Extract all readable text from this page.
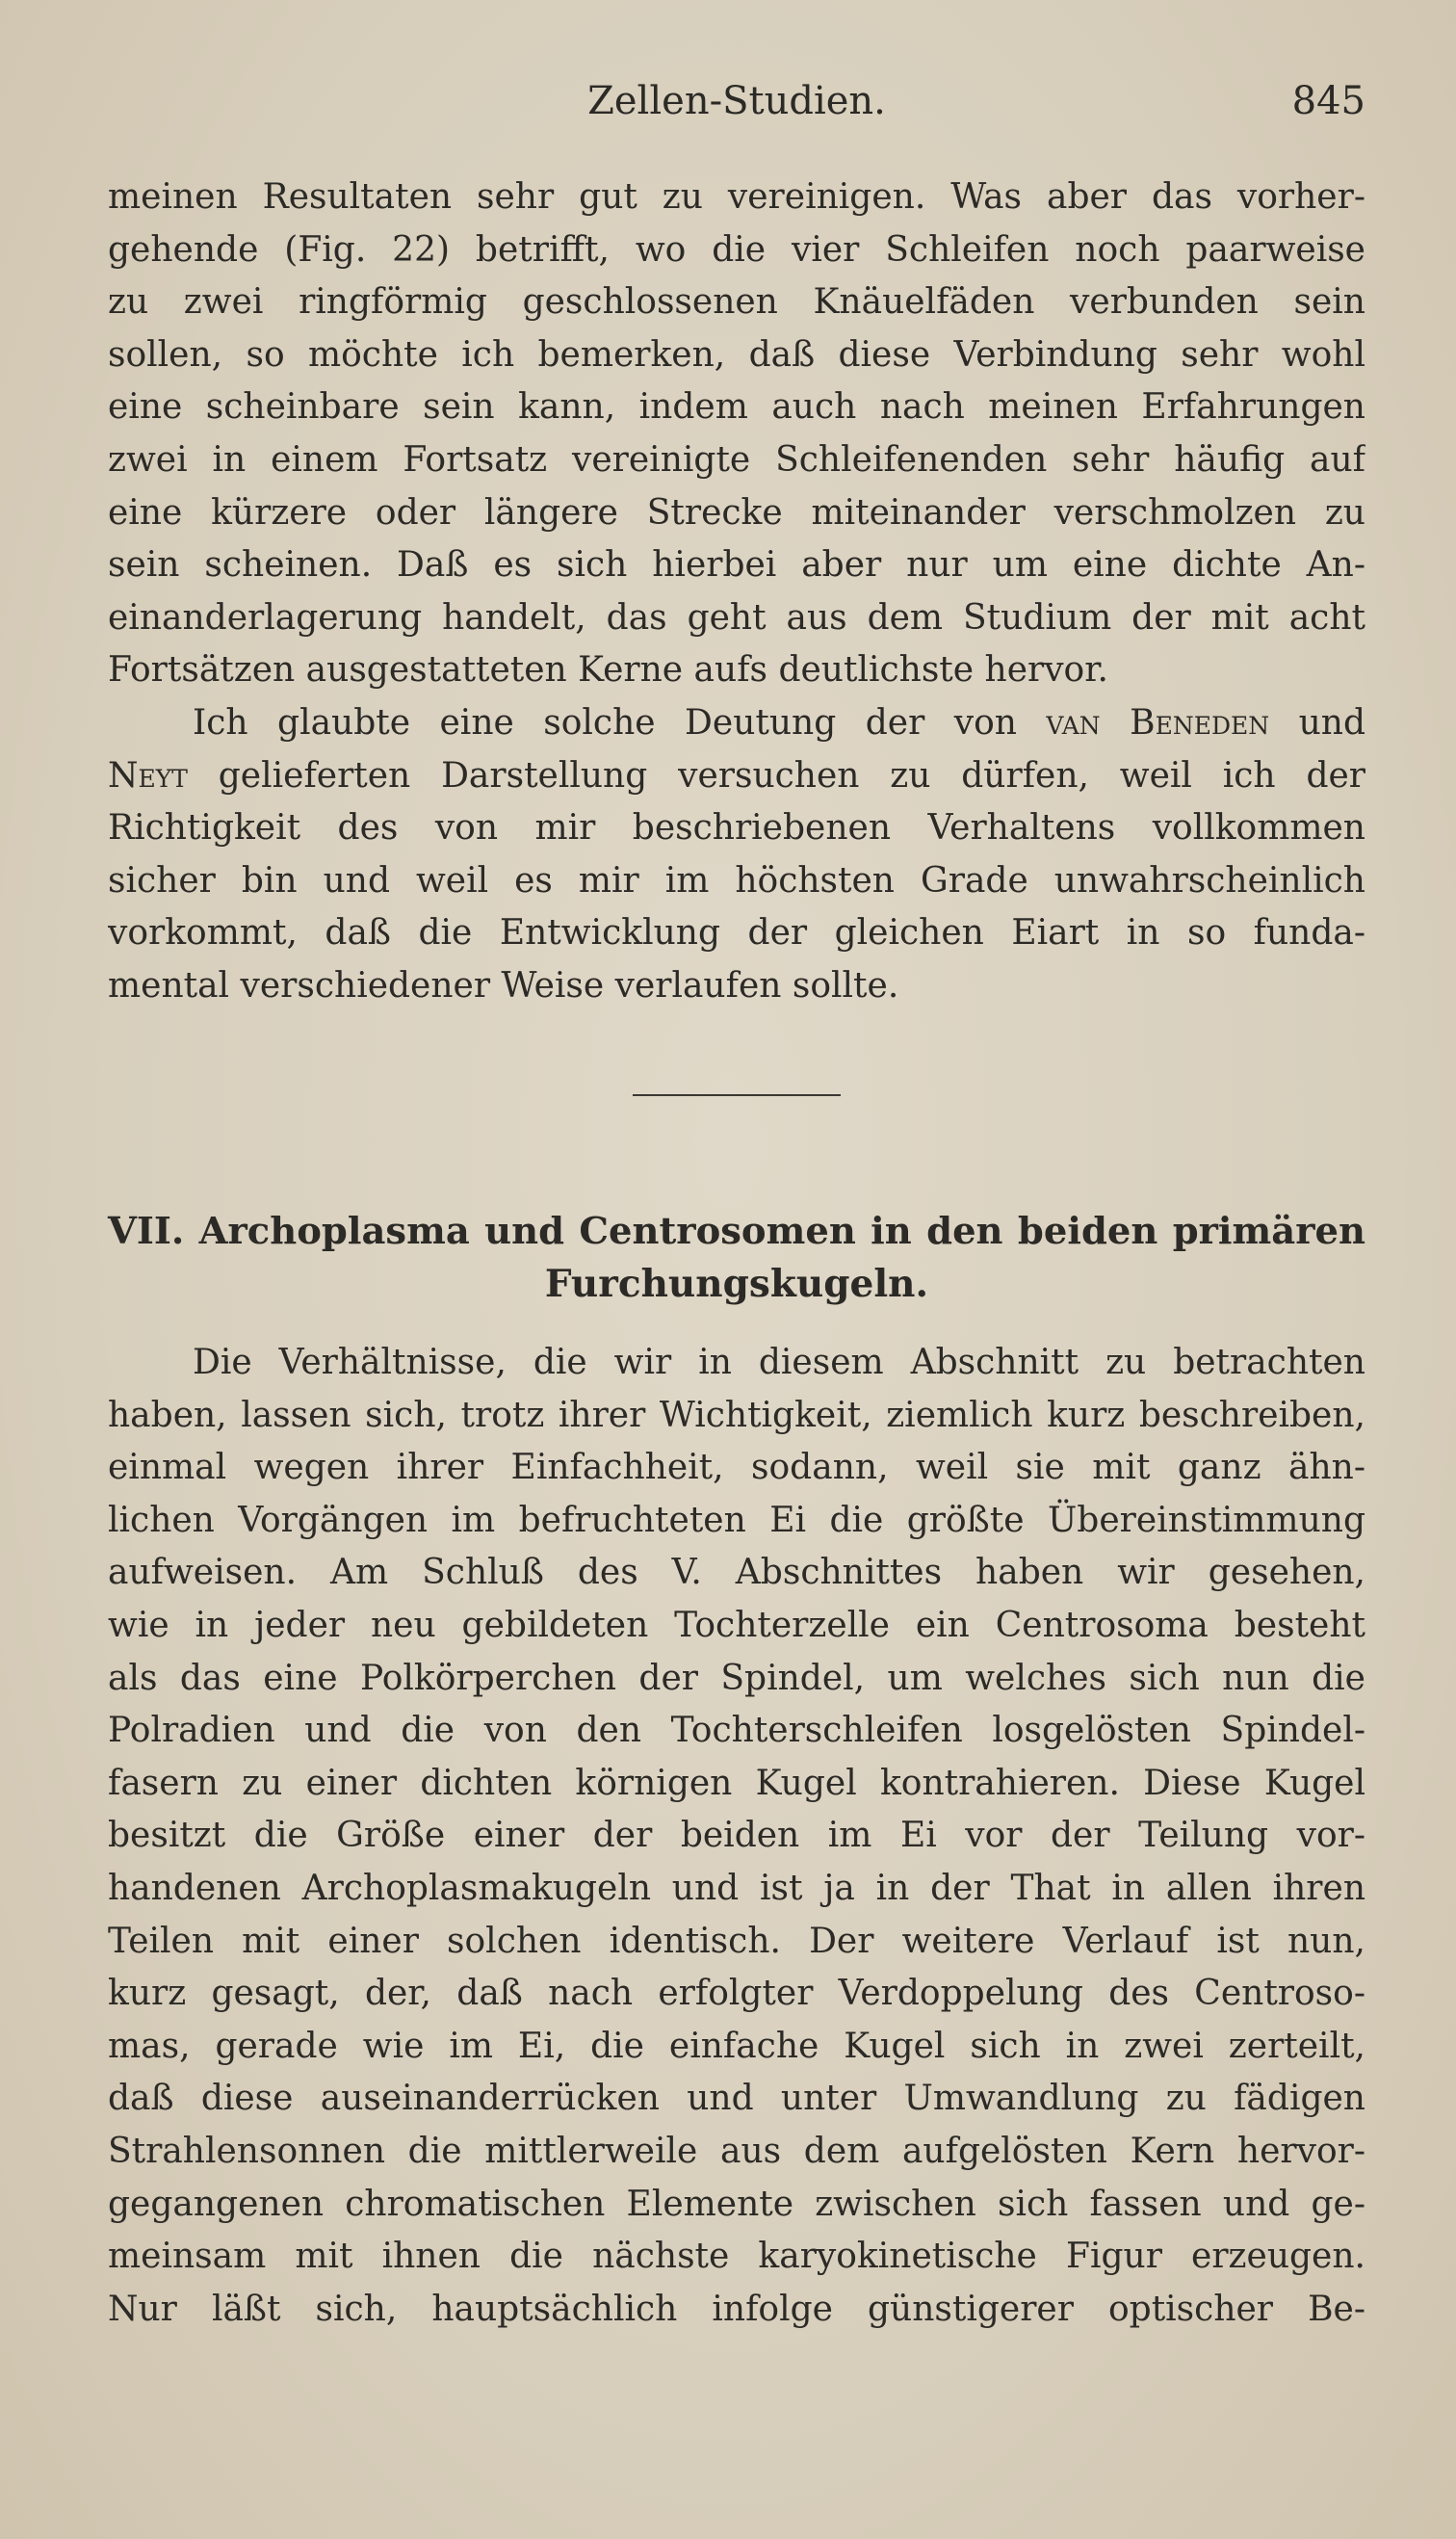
Zellen-Studien.	845
meinen Resultaten sehr gut zu vereinigen. Was aber das vorher-
gehende (Fig. 22) betrifft, wo die vier Schleifen noch paarweise
zu zwei ringförmig geschlossenen Knäuelfäden verbunden sein
sollen, so möchte ich bemerken, daß diese Verbindung sehr wohl
eine scheinbare sein kann, indem auch nach meinen Erfahrungen
zwei in einem Fortsatz vereinigte Schleifenenden sehr häufig auf
eine kürzere oder längere Strecke miteinander verschmolzen zu
sein scheinen. Daß es sich hierbei aber nur um eine dichte An-
einanderlagerung handelt, das geht aus dem Studium der mit acht
Fortsätzen ausgestatteten Kerne aufs deutlichste hervor.
Ich glaubte eine solche Deutung der von van Beneden und
Neyt gelieferten Darstellung versuchen zu dürfen, weil ich der
Richtigkeit des von mir beschriebenen Verhaltens vollkommen
sicher bin und weil es mir im höchsten Grade unwahrscheinlich
vorkommt, daß die Entwicklung der gleichen Eiart in so funda-
mental verschiedener Weise verlaufen sollte.
VII. Archoplasma und Centrosomen in den beiden primären
Furchungskugeln.
Die Verhältnisse, die wir in diesem Abschnitt zu betrachten
haben, lassen sich, trotz ihrer Wichtigkeit, ziemlich kurz beschreiben,
einmal wegen ihrer Einfachheit, sodann, weil sie mit ganz ähn-
lichen Vorgängen im befruchteten Ei die größte Übereinstimmung
aufweisen. Am Schluß des V. Abschnittes haben wir gesehen,
wie in jeder neu gebildeten Tochterzelle ein Centrosoma besteht
als das eine Polkörperchen der Spindel, um welches sich nun die
Polradien und die von den Tochterschleifen losgelösten Spindel-
fasern zu einer dichten körnigen Kugel kontrahieren. Diese Kugel
besitzt die Größe einer der beiden im Ei vor der Teilung vor-
handenen Archoplasmakugeln und ist ja in der That in allen ihren
Teilen mit einer solchen identisch. Der weitere Verlauf ist nun,
kurz gesagt, der, daß nach erfolgter Verdoppelung des Centroso-
mas, gerade wie im Ei, die einfache Kugel sich in zwei zerteilt,
daß diese auseinanderrücken und unter Umwandlung zu fädigen
Strahlensonnen die mittlerweile aus dem aufgelösten Kern hervor-
gegangenen chromatischen Elemente zwischen sich fassen und ge-
meinsam mit ihnen die nächste karyokinetische Figur erzeugen.
Nur läßt sich, hauptsächlich infolge günstigerer optischer Be-
